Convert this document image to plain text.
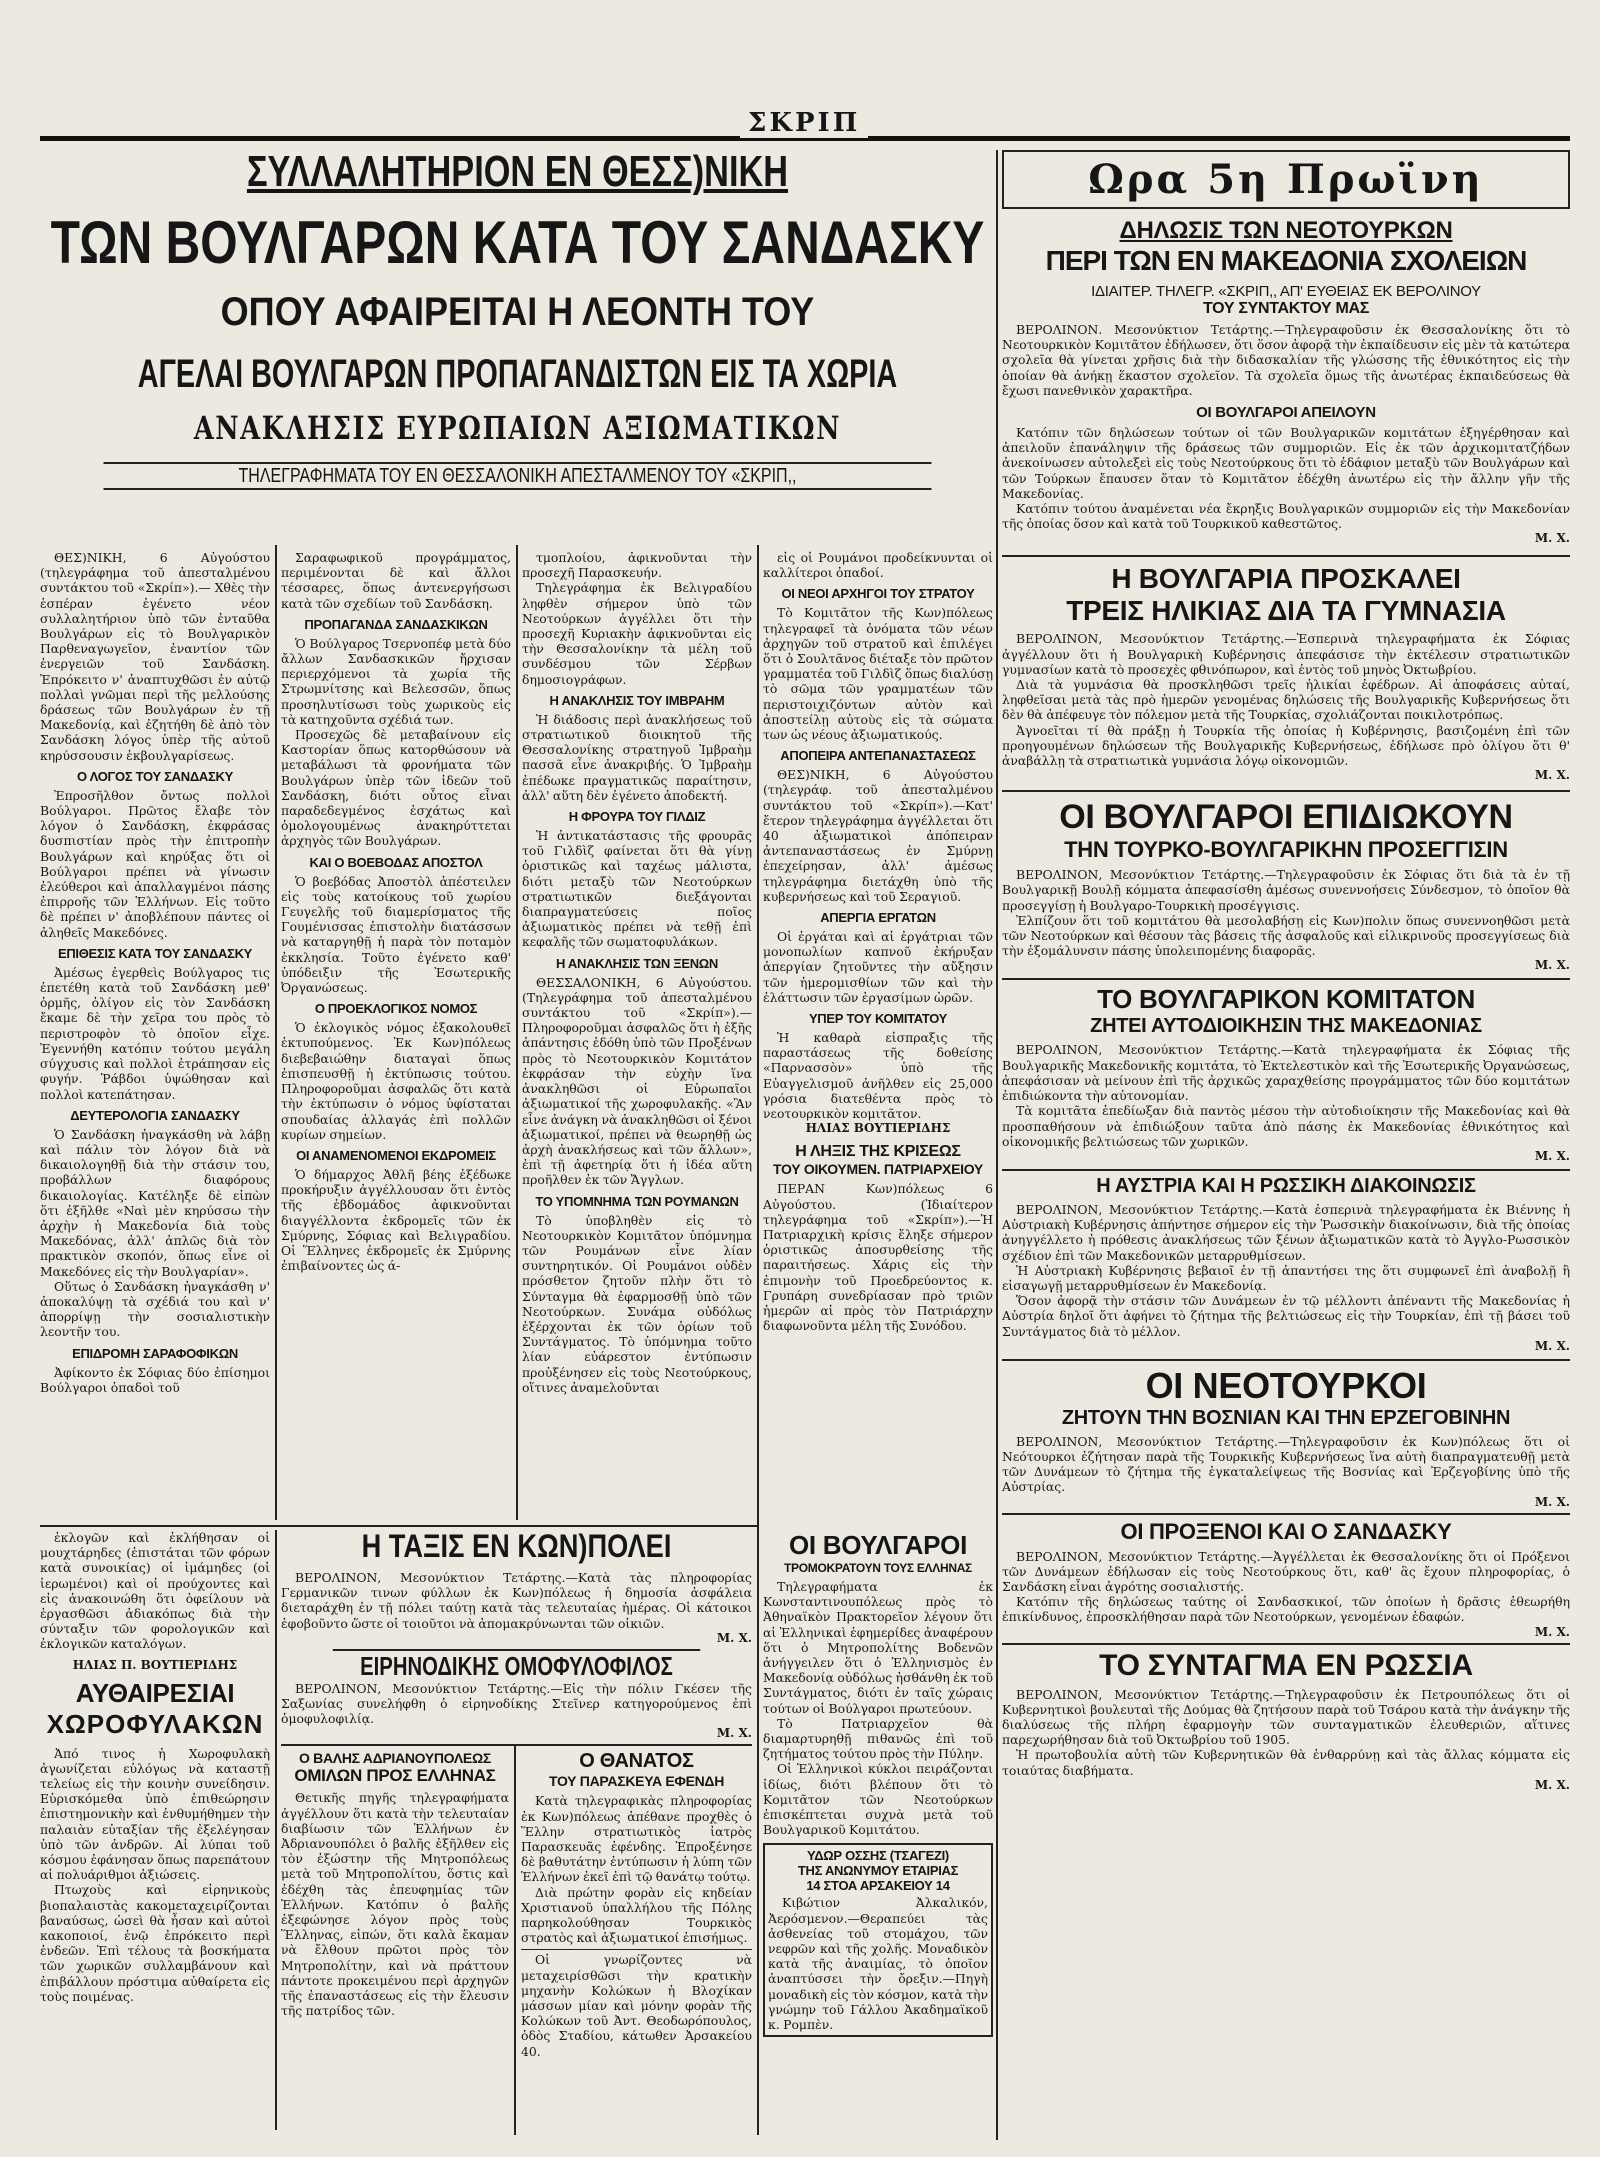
ΣΚΡΙΠ
ΣΥΛΛΑΛΗΤΗΡΙΟΝ ΕΝ ΘΕΣΣ)ΝΙΚΗ
ΤΩΝ ΒΟΥΛΓΑΡΩΝ ΚΑΤΑ ΤΟΥ ΣΑΝΔΑΣΚΥ
ΟΠΟΥ ΑΦΑΙΡΕΙΤΑΙ Η ΛΕΟΝΤΗ ΤΟΥ
ΑΓΕΛΑΙ ΒΟΥΛΓΑΡΩΝ ΠΡΟΠΑΓΑΝΔΙΣΤΩΝ ΕΙΣ ΤΑ ΧΩΡΙΑ
ΑΝΑΚΛΗΣΙΣ ΕΥΡΩΠΑΙΩΝ ΑΞΙΩΜΑΤΙΚΩΝ
ΤΗΛΕΓΡΑΦΗΜΑΤΑ ΤΟΥ ΕΝ ΘΕΣΣΑΛΟΝΙΚΗ ΑΠΕΣΤΑΛΜΕΝΟΥ ΤΟΥ «ΣΚΡΙΠ,,

ΘΕΣ)ΝΙΚΗ, 6 Αὐγούστου (τηλεγράφημα τοῦ ἀπεσταλμένου συντάκτου τοῦ «Σκρίπ»).— Χθὲς τὴν ἑσπέραν ἐγένετο νέον συλλαλητήριον ὑπὸ τῶν ἐνταῦθα Βουλγάρων εἰς τὸ Βουλγαρικὸν Παρθεναγωγεῖον, ἐναντίον τῶν ἐνεργειῶν τοῦ Σανδάσκη. Ἐπρόκειτο ν' ἀναπτυχθῶσι ἐν αὐτῷ πολλαὶ γνῶμαι περὶ τῆς μελλούσης δράσεως τῶν Βουλγάρων ἐν τῇ Μακεδονίᾳ, καὶ ἐζητήθη δὲ ἀπὸ τὸν Σανδάσκη λόγος ὑπὲρ τῆς αὐτοῦ κηρύσσουσιν ἐκβουλγαρίσεως.

Ο ΛΟΓΟΣ ΤΟΥ ΣΑΝΔΑΣΚΥ

Ἐπροσῆλθον ὄντως πολλοὶ Βούλγαροι. Πρῶτος ἔλαβε τὸν λόγον ὁ Σανδάσκη, ἐκφράσας δυσπιστίαν πρὸς τὴν ἐπιτροπὴν Βουλγάρων καὶ κηρύξας ὅτι οἱ Βούλγαροι πρέπει νὰ γίνωσιν ἐλεύθεροι καὶ ἀπαλλαγμένοι πάσης ἐπιρροῆς τῶν Ἑλλήνων. Εἰς τοῦτο δὲ πρέπει ν' ἀποβλέπουν πάντες οἱ ἀληθεῖς Μακεδόνες.

ΕΠΙΘΕΣΙΣ ΚΑΤΑ ΤΟΥ ΣΑΝΔΑΣΚΥ

Ἀμέσως ἐγερθεὶς Βούλγαρος τις ἐπετέθη κατὰ τοῦ Σανδάσκη μεθ' ὁρμῆς, ὀλίγον εἰς τὸν Σανδάσκη ἔκαμε δὲ τὴν χεῖρα του πρὸς τὸ περιστροφὸν τὸ ὁποῖον εἶχε. Ἐγεννήθη κατόπιν τούτου μεγάλη σύγχυσις καὶ πολλοὶ ἐτράπησαν εἰς φυγήν. Ῥάβδοι ὑψώθησαν καὶ πολλοὶ κατεπάτησαν.

ΔΕΥΤΕΡΟΛΟΓΙΑ ΣΑΝΔΑΣΚΥ

Ὁ Σανδάσκη ἠναγκάσθη νὰ λάβῃ καὶ πάλιν τὸν λόγον διὰ νὰ δικαιολογηθῇ διὰ τὴν στάσιν του, προβάλλων διαφόρους δικαιολογίας. Κατέληξε δὲ εἰπὼν ὅτι ἐξῆλθε «Ναὶ μὲν κηρύσσω τὴν ἀρχὴν ἡ Μακεδονία διὰ τοὺς Μακεδόνας, ἀλλ' ἀπλῶς διὰ τὸν πρακτικὸν σκοπόν, ὅπως εἶνε οἱ Μακεδόνες εἰς τὴν Βουλγαρίαν».

Οὕτως ὁ Σανδάσκη ἠναγκάσθη ν' ἀποκαλύψῃ τὰ σχέδιά του καὶ ν' ἀπορρίψῃ τὴν σοσιαλιστικὴν λεοντῆν του.

ΕΠΙΔΡΟΜΗ ΣΑΡΑΦΟΦΙΚΩΝ

Ἀφίκοντο ἐκ Σόφιας δύο ἐπίσημοι Βούλγαροι ὁπαδοὶ τοῦ

Σαραφωφικοῦ προγράμματος, περιμένονται δὲ καὶ ἄλλοι τέσσαρες, ὅπως ἀντενεργήσωσι κατὰ τῶν σχεδίων τοῦ Σανδάσκη.

ΠΡΟΠΑΓΑΝΔΑ ΣΑΝΔΑΣΚΙΚΩΝ

Ὁ Βούλγαρος Τσερνοπέφ μετὰ δύο ἄλλων Σανδασκικῶν ἤρχισαν περιερχόμενοι τὰ χωρία τῆς Στρωμνίτσης καὶ Βελεσσῶν, ὅπως προσηλυτίσωσι τοὺς χωρικοὺς εἰς τὰ κατηχοῦντα σχέδιά των.

Προσεχῶς δὲ μεταβαίνουν εἰς Καστορίαν ὅπως κατορθώσουν νὰ μεταβάλωσι τὰ φρονήματα τῶν Βουλγάρων ὑπὲρ τῶν ἰδεῶν τοῦ Σανδάσκη, διότι οὗτος εἶναι παραδεδεγμένος ἐσχάτως καὶ ὁμολογουμένως ἀνακηρύττεται ἀρχηγὸς τῶν Βουλγάρων.

ΚΑΙ Ο ΒΟΕΒΟΔΑΣ ΑΠΟΣΤΟΛ

Ὁ βοεβόδας Ἀποστὸλ ἀπέστειλεν εἰς τοὺς κατοίκους τοῦ χωρίου Γευγελῆς τοῦ διαμερίσματος τῆς Γουμένισσας ἐπιστολὴν διατάσσων νὰ καταργηθῇ ἡ παρὰ τὸν ποταμὸν ἐκκλησία. Τοῦτο ἐγένετο καθ' ὑπόδειξιν τῆς Ἐσωτερικῆς Ὀργανώσεως.

Ο ΠΡΟΕΚΛΟΓΙΚΟΣ ΝΟΜΟΣ

Ὁ ἐκλογικὸς νόμος ἐξακολουθεῖ ἐκτυπούμενος. Ἐκ Κων)πόλεως διεβεβαιώθην διαταγαὶ ὅπως ἐπισπευσθῇ ἡ ἐκτύπωσις τούτου. Πληροφοροῦμαι ἀσφαλῶς ὅτι κατὰ τὴν ἐκτύπωσιν ὁ νόμος ὑφίσταται σπουδαίας ἀλλαγάς ἐπὶ πολλῶν κυρίων σημείων.

ΟΙ ΑΝΑΜΕΝΟΜΕΝΟΙ ΕΚΔΡΟΜΕΙΣ

Ὁ δήμαρχος Ἀθλῆ βέης ἐξέδωκε προκήρυξιν ἀγγέλλουσαν ὅτι ἐντὸς τῆς ἑβδομάδος ἀφικνοῦνται διαγγέλλοντα ἐκδρομεῖς τῶν ἐκ Σμύρνης, Σόφιας καὶ Βελιγραδίου. Οἱ Ἕλληνες ἐκδρομεῖς ἐκ Σμύρνης ἐπιβαίνοντες ὡς ά-

τμοπλοίου, ἀφικνοῦνται τὴν προσεχῆ Παρασκευήν.

Τηλεγράφημα ἐκ Βελιγραδίου ληφθὲν σήμερον ὑπὸ τῶν Νεοτούρκων ἀγγέλλει ὅτι τὴν προσεχῆ Κυριακὴν ἀφικνοῦνται εἰς τὴν Θεσσαλονίκην τὰ μέλη τοῦ συνδέσμου τῶν Σέρβων δημοσιογράφων.

Η ΑΝΑΚΛΗΣΙΣ ΤΟΥ ΙΜΒΡΑΗΜ

Ἡ διάδοσις περὶ ἀνακλήσεως τοῦ στρατιωτικοῦ διοικητοῦ τῆς Θεσσαλονίκης στρατηγοῦ Ἰμβραὴμ πασσᾶ εἶνε ἀνακριβής. Ὁ Ἰμβραὴμ ἐπέδωκε πραγματικῶς παραίτησιν, ἀλλ' αὕτη δὲν ἐγένετο ἀποδεκτή.

Η ΦΡΟΥΡΑ ΤΟΥ ΓΙΛΔΙΖ

Ἡ ἀντικατάστασις τῆς φρουρᾶς τοῦ Γιλδὶζ φαίνεται ὅτι θὰ γίνῃ ὁριστικῶς καὶ ταχέως μάλιστα, διότι μεταξὺ τῶν Νεοτούρκων στρατιωτικῶν διεξάγονται διαπραγματεύσεις ποῖος ἀξιωματικὸς πρέπει νὰ τεθῇ ἐπὶ κεφαλῆς τῶν σωματοφυλάκων.

Η ΑΝΑΚΛΗΣΙΣ ΤΩΝ ΞΕΝΩΝ

ΘΕΣΣΑΛΟΝΙΚΗ, 6 Αὐγούστου. (Τηλεγράφημα τοῦ ἀπεσταλμένου συντάκτου τοῦ «Σκρίπ»).—Πληροφοροῦμαι ἀσφαλῶς ὅτι ἡ ἐξῆς ἀπάντησις ἐδόθη ὑπὸ τῶν Προξένων πρὸς τὸ Νεοτουρκικὸν Κομιτάτον ἐκφράσαν τὴν εὐχὴν ἵνα ἀνακληθῶσι οἱ Εὐρωπαῖοι ἀξιωματικοί τῆς χωροφυλακῆς. «Ἂν εἶνε ἀνάγκη νὰ ἀνακληθῶσι οἱ ξένοι ἀξιωματικοί, πρέπει νὰ θεωρηθῇ ὡς ἀρχὴ ἀνακλήσεως καὶ τῶν ἄλλων», ἐπὶ τῇ ἀφετηρίᾳ ὅτι ἡ ἰδέα αὕτη προῆλθεν ἐκ τῶν Ἄγγλων.

ΤΟ ΥΠΟΜΝΗΜΑ ΤΩΝ ΡΟΥΜΑΝΩΝ

Τὸ ὑποβληθὲν εἰς τὸ Νεοτουρκικὸν Κομιτᾶτον ὑπόμνημα τῶν Ρουμάνων εἶνε λίαν συντηρητικόν. Οἱ Ρουμάνοι οὐδὲν πρόσθετον ζητοῦν πλὴν ὅτι τὸ Σύνταγμα θὰ ἐφαρμοσθῇ ὑπὸ τῶν Νεοτούρκων. Συνάμα οὐδόλως ἐξέρχονται ἐκ τῶν ὁρίων τοῦ Συντάγματος. Τὸ ὑπόμνημα τοῦτο λίαν εὐάρεστον ἐντύπωσιν προὐξένησεν εἰς τοὺς Νεοτούρκους, οἵτινες ἀναμελοῦνται

εἰς οἱ Ρουμάνοι προδείκνυνται οἱ καλλίτεροι ὀπαδοί.

ΟΙ ΝΕΟΙ ΑΡΧΗΓΟΙ ΤΟΥ ΣΤΡΑΤΟΥ

Τὸ Κομιτᾶτον τῆς Κων)πόλεως τηλεγραφεῖ τὰ ὀνόματα τῶν νέων ἀρχηγῶν τοῦ στρατοῦ καὶ ἐπιλέγει ὅτι ὁ Σουλτᾶνος διέταξε τὸν πρῶτον γραμματέα τοῦ Γιλδὶζ ὅπως διαλύσῃ τὸ σῶμα τῶν γραμματέων τῶν περιστοιχιζόντων αὐτὸν καὶ ἀποστείλῃ αὐτοὺς εἰς τὰ σώματα των ὡς νέους ἀξιωματικούς.

ΑΠΟΠΕΙΡΑ ΑΝΤΕΠΑΝΑΣΤΑΣΕΩΣ

ΘΕΣ)ΝΙΚΗ, 6 Αὐγούστου (τηλεγράφ. τοῦ ἀπεσταλμένου συντάκτου τοῦ «Σκρίπ»).—Κατ' ἔτερον τηλεγράφημα ἀγγέλλεται ὅτι 40 ἀξιωματικοὶ ἀπόπειραν ἀντεπαναστάσεως ἐν Σμύρνῃ ἐπεχείρησαν, ἀλλ' ἀμέσως τηλεγράφημα διετάχθη ὑπὸ τῆς κυβερνήσεως καὶ τοῦ Σεραγιοῦ.

ΑΠΕΡΓΙΑ ΕΡΓΑΤΩΝ

Οἱ ἐργάται καὶ αἱ ἐργάτριαι τῶν μονοπωλίων καπνοῦ ἐκήρυξαν ἀπεργίαν ζητοῦντες τὴν αὔξησιν τῶν ἡμερομισθίων τῶν καὶ τὴν ἐλάττωσιν τῶν ἐργασίμων ὡρῶν.

ΥΠΕΡ ΤΟΥ ΚΟΜΙΤΑΤΟΥ

Ἡ καθαρὰ εἰσπραξις τῆς παραστάσεως τῆς δοθείσης «Παρνασσὸν» ὑπὸ τῆς Εὐαγγελισμοῦ ἀνῆλθεν εἰς 25,000 γρόσια διατεθέντα πρὸς τὸ νεοτουρκικὸν κομιτᾶτον.

ΗΛΙΑΣ ΒΟΥΤΙΕΡΙΔΗΣ
Η ΛΗΞΙΣ ΤΗΣ ΚΡΙΣΕΩΣ
ΤΟΥ ΟΙΚΟΥΜΕΝ. ΠΑΤΡΙΑΡΧΕΙΟΥ

ΠΕΡΑΝ Κων)πόλεως 6 Αὐγούστου. (Ἰδιαίτερον τηλεγράφημα τοῦ «Σκρίπ»).—Ἡ Πατριαρχικὴ κρίσις ἔληξε σήμερον ὁριστικῶς ἀποσυρθείσης τῆς παραιτήσεως. Χάρις εἰς τὴν ἐπιμονὴν τοῦ Προεδρεύοντος κ. Γρυπάρη συνεδρίασαν πρὸ τριῶν ἡμερῶν αἱ πρὸς τὸν Πατριάρχην διαφωνοῦντα μέλη τῆς Συνόδου.

ἐκλογῶν καὶ ἐκλήθησαν οἱ μουχτάρηδες (ἐπιστάται τῶν φόρων κατὰ συνοικίας) οἱ ἰμάμηδες (οἱ ἱερωμένοι) καὶ οἱ προύχοντες καὶ εἰς ἀνακοινώθη ὅτι ὀφείλουν νὰ ἐργασθῶσι ἀδιακόπως διὰ τὴν σύνταξιν τῶν φορολογικῶν καὶ ἐκλογικῶν καταλόγων.

ΗΛΙΑΣ Π. ΒΟΥΤΙΕΡΙΔΗΣ
ΑΥΘΑΙΡΕΣΙΑΙ
ΧΩΡΟΦΥΛΑΚΩΝ

Ἀπό τινος ἡ Χωροφυλακὴ ἀγωνίζεται εὐλόγως νὰ καταστῇ τελείως εἰς τὴν κοινὴν συνείδησιν. Εὑρισκόμεθα ὑπὸ ἐπιθεώρησιν ἐπιστημονικὴν καὶ ἐνθυμήθημεν τὴν παλαιὰν εὐταξίαν τῆς ἐξελέγησαν ὑπὸ τῶν ἀνδρῶν. Αἱ λύπαι τοῦ κόσμου ἐφάνησαν ὅπως παρεπάτουν αἱ πολυάριθμοι ἀξιώσεις.

Πτωχοὺς καὶ εἰρηνικοὺς βιοπαλαιστὰς κακομεταχειρίζονται βαναύσως, ὡσεὶ θὰ ἦσαν καὶ αὐτοὶ κακοποιοί, ἐνῷ ἐπρόκειτο περὶ ἐνδεῶν. Ἐπὶ τέλους τὰ βοσκήματα τῶν χωρικῶν συλλαμβάνουν καὶ ἐπιβάλλουν πρόστιμα αὐθαίρετα εἰς τοὺς ποιμένας.

Η ΤΑΞΙΣ ΕΝ ΚΩΝ)ΠΟΛΕΙ

ΒΕΡΟΛΙΝΟΝ, Μεσονύκτιον Τετάρτης.—Κατὰ τὰς πληροφορίας Γερμανικῶν τινων φύλλων ἐκ Κων)πόλεως ἡ δημοσία ἀσφάλεια διεταράχθη ἐν τῇ πόλει ταύτῃ κατὰ τὰς τελευταίας ἡμέρας. Οἱ κάτοικοι ἐφοβοῦντο ὥστε οἱ τοιοῦτοι νὰ ἀπομακρύνωνται τῶν οἰκιῶν.

Μ. Χ.
ΕΙΡΗΝΟΔΙΚΗΣ ΟΜΟΦΥΛΟΦΙΛΟΣ

ΒΕΡΟΛΙΝΟΝ, Μεσονύκτιον Τετάρτης.—Εἰς τὴν πόλιν Γκέσεν τῆς Σαξωνίας συνελήφθη ὁ εἰρηνοδίκης Στεῖνερ κατηγορούμενος ἐπὶ ὁμοφυλοφιλίᾳ.

Μ. Χ.
Ο ΒΑΛΗΣ ΑΔΡΙΑΝΟΥΠΟΛΕΩΣ
ΟΜΙΛΩΝ ΠΡΟΣ ΕΛΛΗΝΑΣ

Θετικῆς πηγῆς τηλεγραφήματα ἀγγέλλουν ὅτι κατὰ τὴν τελευταίαν διαβίωσιν τῶν Ἑλλήνων ἐν Ἀδριανουπόλει ὁ βαλῆς ἐξῆλθεν εἰς τὸν ἐξώστην τῆς Μητροπόλεως μετὰ τοῦ Μητροπολίτου, ὅστις καὶ ἐδέχθη τὰς ἐπευφημίας τῶν Ἑλλήνων. Κατόπιν ὁ βαλῆς ἐξεφώνησε λόγον πρὸς τοὺς Ἕλληνας, εἰπών, ὅτι καλὰ ἔκαμαν νὰ ἔλθουν πρῶτοι πρὸς τὸν Μητροπολίτην, καὶ νὰ πράττουν πάντοτε προκειμένου περὶ ἀρχηγῶν τῆς ἐπαναστάσεως εἰς τὴν ἔλευσιν τῆς πατρίδος τῶν.

Ο ΘΑΝΑΤΟΣ
ΤΟΥ ΠΑΡΑΣΚΕΥΑ ΕΦΕΝΔΗ

Κατὰ τηλεγραφικὰς πληροφορίας ἐκ Κων)πόλεως ἀπέθανε προχθὲς ὁ Ἕλλην στρατιωτικὸς ἰατρὸς Παρασκευᾶς ἐφένδης. Ἐπροξένησε δὲ βαθυτάτην ἐντύπωσιν ἡ λύπη τῶν Ἑλλήνων ἐκεῖ ἐπὶ τῷ θανάτῳ τούτῳ.

Διὰ πρώτην φορὰν εἰς κηδείαν Χριστιανοῦ ὑπαλλήλου τῆς Πόλης παρηκολούθησαν Τουρκικὸς στρατὸς καὶ ἀξιωματικοί ἐπισήμως.

Οἱ γνωρίζοντες νὰ μεταχειρίσθῶσι τὴν κρατικὴν μηχανὴν Κολώκων ἡ Βλοχίκαν μάσσων μίαν καὶ μόνην φορὰν τῆς Κολώκων τοῦ Ἀντ. Θεοδωρόπουλος, ὁδὸς Σταδίου, κάτωθεν Ἀρσακείου 40.

ΟΙ ΒΟΥΛΓΑΡΟΙ
ΤΡΟΜΟΚΡΑΤΟΥΝ ΤΟΥΣ ΕΛΛΗΝΑΣ

Τηλεγραφήματα ἐκ Κωνσταντινουπόλεως πρὸς τὸ Ἀθηναϊκὸν Πρακτορεῖον λέγουν ὅτι αἱ Ἑλληνικαὶ ἐφημερίδες ἀναφέρουν ὅτι ὁ Μητροπολίτης Βοδενῶν ἀνήγγειλεν ὅτι ὁ Ἑλληνισμὸς ἐν Μακεδονίᾳ οὐδόλως ἠσθάνθη ἐκ τοῦ Συντάγματος, διότι ἐν ταῖς χώραις τούτων οἱ Βούλγαροι πρωτεύουν.

Τὸ Πατριαρχεῖον θὰ διαμαρτυρηθῇ πιθανῶς ἐπὶ τοῦ ζητήματος τούτου πρὸς τὴν Πύλην.

Οἱ Ἑλληνικοὶ κύκλοι πειράζονται ἰδίως, διότι βλέπουν ὅτι τὸ Κομιτᾶτον τῶν Νεοτούρκων ἐπισκέπτεται συχνὰ μετὰ τοῦ Βουλγαρικοῦ Κομιτάτου.

ΥΔΩΡ ΟΣΣΗΣ (ΤΣΑΓΕΖΙ)
ΤΗΣ ΑΝΩΝΥΜΟΥ ΕΤΑΙΡΙΑΣ
14 ΣΤΟΑ ΑΡΣΑΚΕΙΟΥ 14

Κιβώτιον Ἀλκαλικόν, Ἀερόσμενον.—Θεραπεύει τὰς ἀσθενείας τοῦ στομάχου, τῶν νεφρῶν καὶ τῆς χολῆς. Μοναδικὸν κατὰ τῆς ἀναιμίας, τὸ ὁποῖον ἀναπτύσσει τὴν ὄρεξιν.—Πηγὴ μοναδικὴ εἰς τὸν κόσμον, κατὰ τὴν γνώμην τοῦ Γάλλου Ἀκαδημαϊκοῦ κ. Ρομπὲν.

Ωρα 5η Πρωϊνη
ΔΗΛΩΣΙΣ ΤΩΝ ΝΕΟΤΟΥΡΚΩΝ
ΠΕΡΙ ΤΩΝ ΕΝ ΜΑΚΕΔΟΝΙΑ ΣΧΟΛΕΙΩΝ
ΙΔΙΑΙΤΕΡ. ΤΗΛΕΓΡ. «ΣΚΡΙΠ,, ΑΠ' ΕΥΘΕΙΑΣ ΕΚ ΒΕΡΟΛΙΝΟΥ
ΤΟΥ ΣΥΝΤΑΚΤΟΥ ΜΑΣ

ΒΕΡΟΛΙΝΟΝ. Μεσονύκτιον Τετάρτης.—Τηλεγραφοῦσιν ἐκ Θεσσαλονίκης ὅτι τὸ Νεοτουρκικὸν Κομιτᾶτον ἐδήλωσεν, ὅτι ὅσον ἀφορᾷ τὴν ἐκπαίδευσιν εἰς μὲν τὰ κατώτερα σχολεῖα θὰ γίνεται χρῆσις διὰ τὴν διδασκαλίαν τῆς γλώσσης τῆς ἐθνικότητος εἰς τὴν ὁποίαν θὰ ἀνήκῃ ἕκαστον σχολεῖον. Τὰ σχολεῖα ὅμως τῆς ἀνωτέρας ἐκπαιδεύσεως θὰ ἔχωσι πανεθνικὸν χαρακτῆρα.

ΟΙ ΒΟΥΛΓΑΡΟΙ ΑΠΕΙΛΟΥΝ

Κατόπιν τῶν δηλώσεων τούτων οἱ τῶν Βουλγαρικῶν κομιτάτων ἐξηγέρθησαν καὶ ἀπειλοῦν ἐπανάληψιν τῆς δράσεως τῶν συμμοριῶν. Εἰς ἐκ τῶν ἀρχικομιτατζήδων ἀνεκοίνωσεν αὐτολεξεὶ εἰς τοὺς Νεοτούρκους ὅτι τὸ ἐδάφιον μεταξὺ τῶν Βουλγάρων καὶ τῶν Τούρκων ἔπαυσεν ὅταν τὸ Κομιτᾶτον ἐδέχθη ἀνωτέρω εἰς τὴν ἄλλην γῆν τῆς Μακεδονίας.

Κατόπιν τούτου ἀναμένεται νέα ἔκρηξις Βουλγαρικῶν συμμοριῶν εἰς τὴν Μακεδονίαν τῆς ὁποίας ὅσον καὶ κατὰ τοῦ Τουρκικοῦ καθεστῶτος.

Μ. Χ.
Η ΒΟΥΛΓΑΡΙΑ ΠΡΟΣΚΑΛΕΙ
ΤΡΕΙΣ ΗΛΙΚΙΑΣ ΔΙΑ ΤΑ ΓΥΜΝΑΣΙΑ

ΒΕΡΟΛΙΝΟΝ, Μεσονύκτιον Τετάρτης.—Ἐσπερινὰ τηλεγραφήματα ἐκ Σόφιας ἀγγέλλουν ὅτι ἡ Βουλγαρικὴ Κυβέρνησις ἀπεφάσισε τὴν ἐκτέλεσιν στρατιωτικῶν γυμνασίων κατὰ τὸ προσεχὲς φθινόπωρον, καὶ ἐντὸς τοῦ μηνὸς Ὀκτωβρίου.

Διὰ τὰ γυμνάσια θὰ προσκληθῶσι τρεῖς ἡλικίαι ἐφέδρων. Αἱ ἀποφάσεις αὐταί, ληφθεῖσαι μετὰ τὰς πρὸ ἡμερῶν γενομένας δηλώσεις τῆς Βουλγαρικῆς Κυβερνήσεως ὅτι δὲν θὰ ἀπέφευγε τὸν πόλεμον μετὰ τῆς Τουρκίας, σχολιάζονται ποικιλοτρόπως.

Ἀγνοεῖται τί θὰ πράξῃ ἡ Τουρκία τῆς ὁποίας ἡ Κυβέρνησις, βασιζομένη ἐπὶ τῶν προηγουμένων δηλώσεων τῆς Βουλγαρικῆς Κυβερνήσεως, ἐδήλωσε πρὸ ὀλίγου ὅτι θ' ἀναβάλλῃ τὰ στρατιωτικὰ γυμνάσια λόγῳ οἰκονομιῶν.

Μ. Χ.
ΟΙ ΒΟΥΛΓΑΡΟΙ ΕΠΙΔΙΩΚΟΥΝ
ΤΗΝ ΤΟΥΡΚΟ-ΒΟΥΛΓΑΡΙΚΗΝ ΠΡΟΣΕΓΓΙΣΙΝ

ΒΕΡΟΛΙΝΟΝ, Μεσονύκτιον Τετάρτης.—Τηλεγραφοῦσιν ἐκ Σόφιας ὅτι διὰ τὰ ἐν τῇ Βουλγαρικῇ Βουλῇ κόμματα ἀπεφασίσθη ἀμέσως συνεννοήσεις Σύνδεσμον, τὸ ὁποῖον θὰ προσεγγίσῃ ἡ Βουλγαρο-Τουρκικὴ προσέγγισις.

Ἐλπίζουν ὅτι τοῦ κομιτάτου θὰ μεσολαβήσῃ εἰς Κων)πολιν ὅπως συνεννοηθῶσι μετὰ τῶν Νεοτούρκων καὶ θέσουν τὰς βάσεις τῆς ἀσφαλοῦς καὶ εἰλικρινοῦς προσεγγίσεως διὰ τὴν ἐξομάλυνσιν πάσης ὑπολειπομένης διαφορᾶς.

Μ. Χ.
ΤΟ ΒΟΥΛΓΑΡΙΚΟΝ ΚΟΜΙΤΑΤΟΝ
ΖΗΤΕΙ ΑΥΤΟΔΙΟΙΚΗΣΙΝ ΤΗΣ ΜΑΚΕΔΟΝΙΑΣ

ΒΕΡΟΛΙΝΟΝ, Μεσονύκτιον Τετάρτης.—Κατὰ τηλεγραφήματα ἐκ Σόφιας τῆς Βουλγαρικῆς Μακεδονικῆς κομιτάτα, τὸ Ἐκτελεστικὸν καὶ τῆς Ἐσωτερικῆς Ὀργανώσεως, ἀπεφάσισαν νὰ μείνουν ἐπὶ τῆς ἀρχικῶς χαραχθείσης προγράμματος τῶν δύο κομιτάτων ἐπιδιώκοντα τὴν αὐτονομίαν.

Τὰ κομιτᾶτα ἐπεδίωξαν διὰ παντὸς μέσου τὴν αὐτοδιοίκησιν τῆς Μακεδονίας καὶ θὰ προσπαθήσουν νὰ ἐπιδιώξουν ταῦτα ἀπὸ πάσης ἐκ Μακεδονίας ἐθνικότητος καὶ οἰκονομικῆς βελτιώσεως τῶν χωρικῶν.

Μ. Χ.
Η ΑΥΣΤΡΙΑ ΚΑΙ Η ΡΩΣΣΙΚΗ ΔΙΑΚΟΙΝΩΣΙΣ

ΒΕΡΟΛΙΝΟΝ, Μεσονύκτιον Τετάρτης.—Κατὰ ἐσπερινὰ τηλεγραφήματα ἐκ Βιέννης ἡ Αὐστριακὴ Κυβέρνησις ἀπήντησε σήμερον εἰς τὴν Ῥωσσικὴν διακοίνωσιν, διὰ τῆς ὁποίας ἀνηγγέλλετο ἡ πρόθεσις ἀνακλήσεως τῶν ξένων ἀξιωματικῶν κατὰ τὸ Ἀγγλο-Ρωσσικὸν σχέδιον ἐπὶ τῶν Μακεδονικῶν μεταρρυθμίσεων.

Ἡ Αὐστριακὴ Κυβέρνησις βεβαιοῖ ἐν τῇ ἀπαντήσει της ὅτι συμφωνεῖ ἐπὶ ἀναβολῇ ἢ εἰσαγωγῇ μεταρρυθμίσεων ἐν Μακεδονίᾳ.

Ὅσον ἀφορᾷ τὴν στάσιν τῶν Δυνάμεων ἐν τῷ μέλλοντι ἀπέναντι τῆς Μακεδονίας ἡ Αὐστρία δηλοῖ ὅτι ἀφήνει τὸ ζήτημα τῆς βελτιώσεως εἰς τὴν Τουρκίαν, ἐπὶ τῇ βάσει τοῦ Συντάγματος διὰ τὸ μέλλον.

Μ. Χ.
ΟΙ ΝΕΟΤΟΥΡΚΟΙ
ΖΗΤΟΥΝ ΤΗΝ ΒΟΣΝΙΑΝ ΚΑΙ ΤΗΝ ΕΡΖΕΓΟΒΙΝΗΝ

ΒΕΡΟΛΙΝΟΝ, Μεσονύκτιον Τετάρτης.—Τηλεγραφοῦσιν ἐκ Κων)πόλεως ὅτι οἱ Νεότουρκοι ἐζήτησαν παρὰ τῆς Τουρκικῆς Κυβερνήσεως ἵνα αὐτὴ διαπραγματευθῇ μετὰ τῶν Δυνάμεων τὸ ζήτημα τῆς ἐγκαταλείψεως τῆς Βοσνίας καὶ Ἐρζεγοβίνης ὑπὸ τῆς Αὐστρίας.

Μ. Χ.
ΟΙ ΠΡΟΞΕΝΟΙ ΚΑΙ Ο ΣΑΝΔΑΣΚΥ

ΒΕΡΟΛΙΝΟΝ, Μεσονύκτιον Τετάρτης.—Ἀγγέλλεται ἐκ Θεσσαλονίκης ὅτι οἱ Πρόξενοι τῶν Δυνάμεων ἐδήλωσαν εἰς τοὺς Νεοτούρκους ὅτι, καθ' ἃς ἔχουν πληροφορίας, ὁ Σανδάσκη εἶναι ἀγρότης σοσιαλιστής.

Κατόπιν τῆς δηλώσεως ταύτης οἱ Σανδασκικοί, τῶν ὁποίων ἡ δρᾶσις ἐθεωρήθη ἐπικίνδυνος, ἐπροσκλήθησαν παρὰ τῶν Νεοτούρκων, γενομένων ἐδαφών.

Μ. Χ.
ΤΟ ΣΥΝΤΑΓΜΑ ΕΝ ΡΩΣΣΙΑ

ΒΕΡΟΛΙΝΟΝ, Μεσονύκτιον Τετάρτης.—Τηλεγραφοῦσιν ἐκ Πετρουπόλεως ὅτι οἱ Κυβερνητικοὶ βουλευταὶ τῆς Δούμας θὰ ζητήσουν παρὰ τοῦ Τσάρου κατὰ τὴν ἀνάγκην τῆς διαλύσεως τῆς πλήρη ἐφαρμογὴν τῶν συνταγματικῶν ἐλευθεριῶν, αἵτινες παρεχωρήθησαν διὰ τοῦ Ὀκτωβρίου τοῦ 1905.

Ἡ πρωτοβουλία αὐτὴ τῶν Κυβερνητικῶν θὰ ἐνθαρρύνῃ καὶ τὰς ἄλλας κόμματα εἰς τοιαύτας διαβήματα.

Μ. Χ.
